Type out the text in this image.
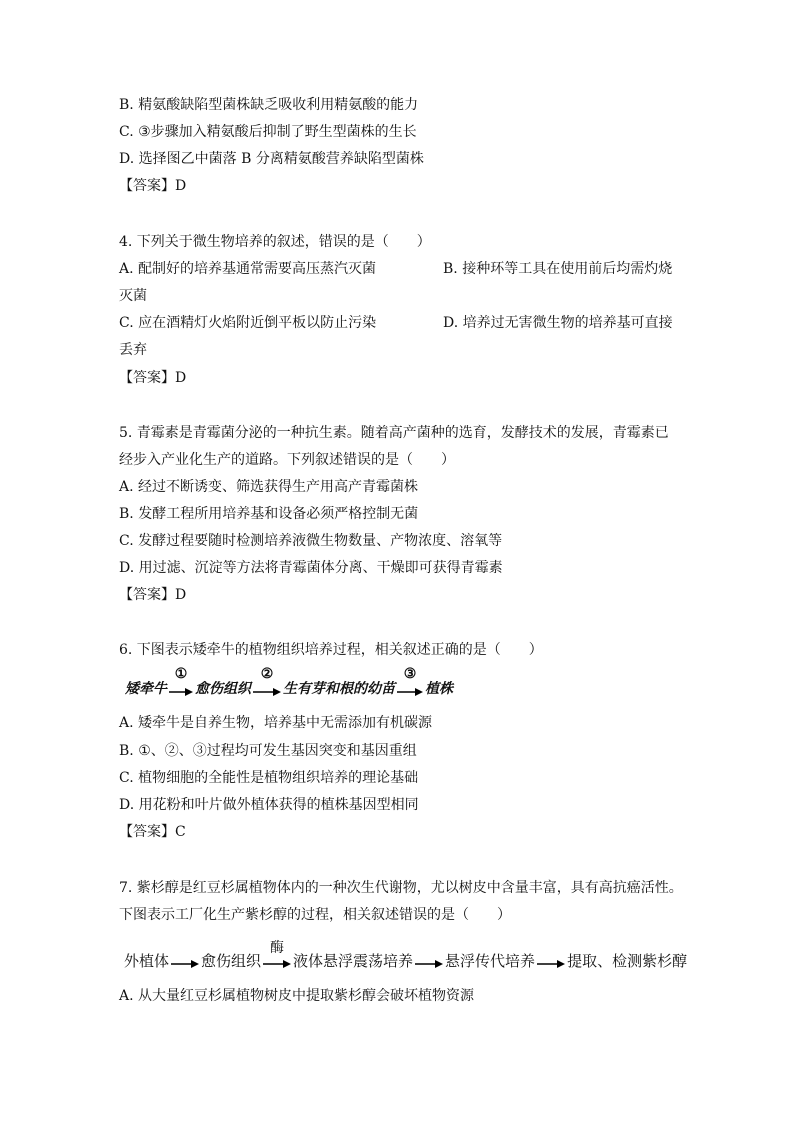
B. 精氨酸缺陷型菌株缺乏吸收利用精氨酸的能力
C. ③步骤加入精氨酸后抑制了野生型菌株的生长
D. 选择图乙中菌落 B 分离精氨酸营养缺陷型菌株
【答案】D
4. 下列关于微生物培养的叙述，错误的是（　　）
A. 配制好的培养基通常需要高压蒸汽灭菌	B. 接种环等工具在使用前后均需灼烧
灭菌
C. 应在酒精灯火焰附近倒平板以防止污染	D. 培养过无害微生物的培养基可直接
丢弃
【答案】D
5. 青霉素是青霉菌分泌的一种抗生素。随着高产菌种的选育，发酵技术的发展，青霉素已
经步入产业化生产的道路。下列叙述错误的是（　　）
A. 经过不断诱变、筛选获得生产用高产青霉菌株
B. 发酵工程所用培养基和设备必须严格控制无菌
C. 发酵过程要随时检测培养液微生物数量、产物浓度、溶氧等
D. 用过滤、沉淀等方法将青霉菌体分离、干燥即可获得青霉素
【答案】D
6. 下图表示矮牵牛的植物组织培养过程，相关叙述正确的是（　　）
矮牵牛
①
愈伤组织
②
生有芽和根的幼苗
③
植株
A. 矮牵牛是自养生物，培养基中无需添加有机碳源
B. ①、②、③过程均可发生基因突变和基因重组
C. 植物细胞的全能性是植物组织培养的理论基础
D. 用花粉和叶片做外植体获得的植株基因型相同
【答案】C
7. 紫杉醇是红豆杉属植物体内的一种次生代谢物，尤以树皮中含量丰富，具有高抗癌活性。
下图表示工厂化生产紫杉醇的过程，相关叙述错误的是（　　）
外植体 愈伤组织
酶
液体悬浮震荡培养 悬浮传代培养 提取、检测紫杉醇
A. 从大量红豆杉属植物树皮中提取紫杉醇会破坏植物资源
